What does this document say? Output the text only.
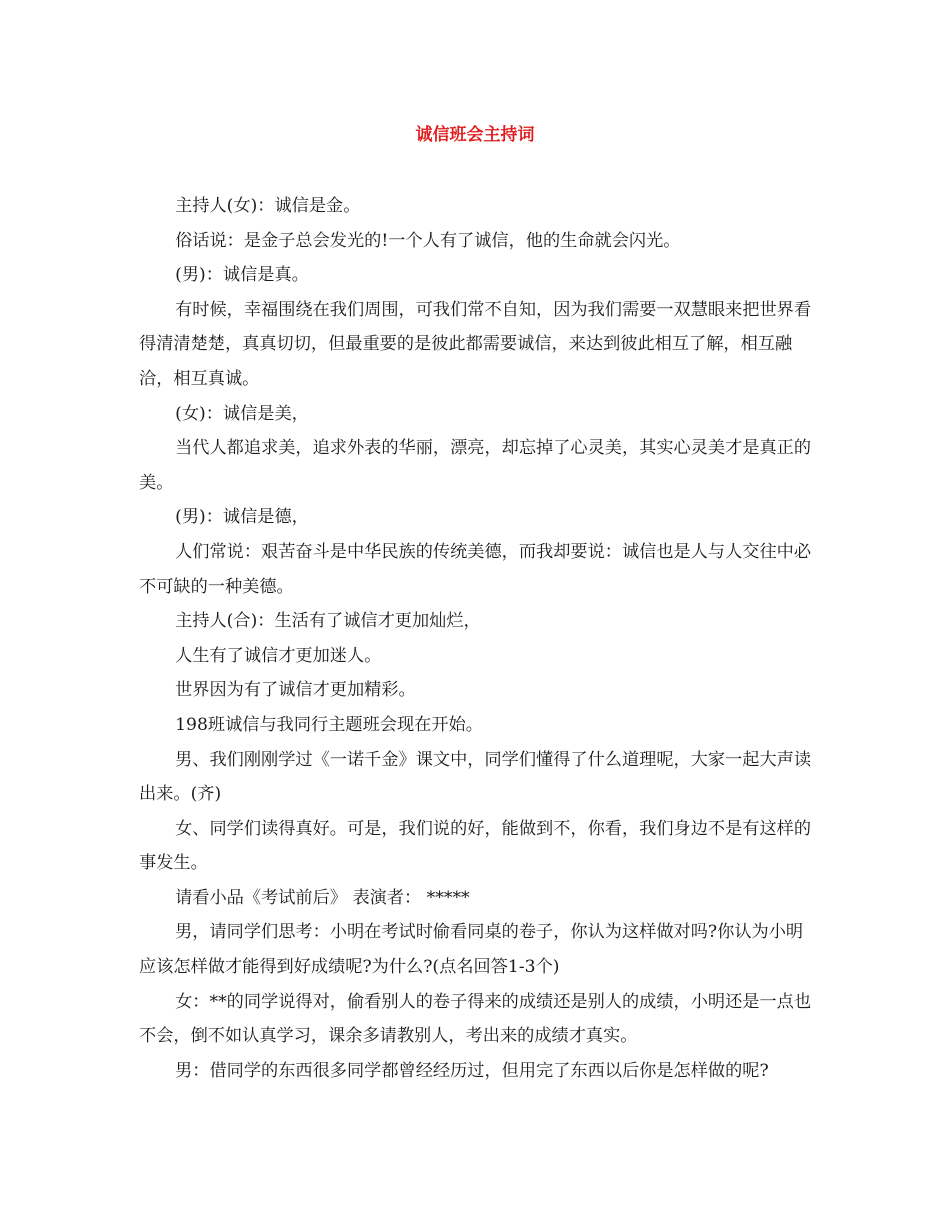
诚信班会主持词

主持人(女)：诚信是金。

俗话说：是金子总会发光的!一个人有了诚信，他的生命就会闪光。

(男)：诚信是真。

有时候，幸福围绕在我们周围，可我们常不自知，因为我们需要一双慧眼来把世界看得清清楚楚，真真切切，但最重要的是彼此都需要诚信，来达到彼此相互了解，相互融洽，相互真诚。

(女)：诚信是美，

当代人都追求美，追求外表的华丽，漂亮，却忘掉了心灵美，其实心灵美才是真正的美。

(男)：诚信是德，

人们常说：艰苦奋斗是中华民族的传统美德，而我却要说：诚信也是人与人交往中必不可缺的一种美德。

主持人(合)：生活有了诚信才更加灿烂，

人生有了诚信才更加迷人。

世界因为有了诚信才更加精彩。

198班诚信与我同行主题班会现在开始。

男、我们刚刚学过《一诺千金》课文中，同学们懂得了什么道理呢，大家一起大声读出来。(齐)

女、同学们读得真好。可是，我们说的好，能做到不，你看，我们身边不是有这样的事发生。

请看小品《考试前后》 表演者： *****

男，请同学们思考：小明在考试时偷看同桌的卷子，你认为这样做对吗?你认为小明应该怎样做才能得到好成绩呢?为什么?(点名回答1-3个)

女：**的同学说得对，偷看别人的卷子得来的成绩还是别人的成绩，小明还是一点也不会，倒不如认真学习，课余多请教别人，考出来的成绩才真实。

男：借同学的东西很多同学都曾经经历过，但用完了东西以后你是怎样做的呢?
